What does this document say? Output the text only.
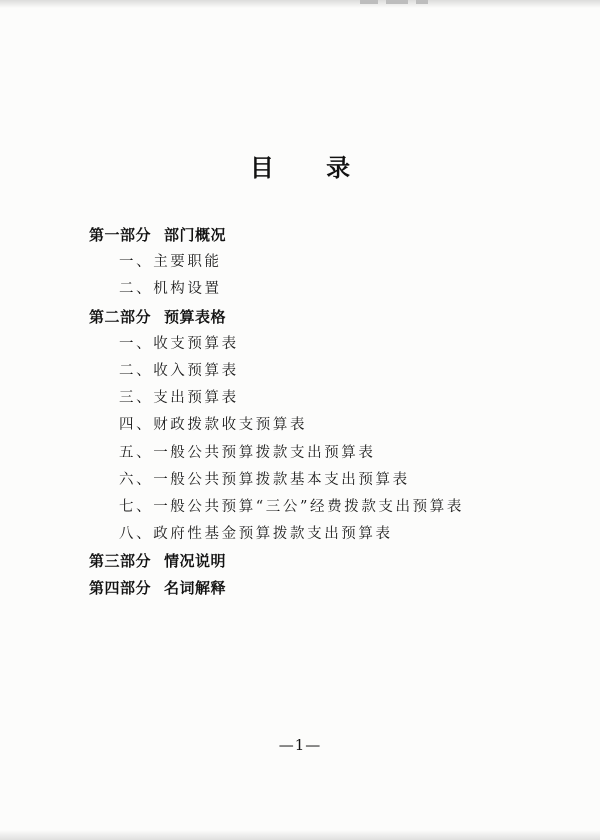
目 录
第一部分 部门概况
一、主要职能
二、机构设置
第二部分 预算表格
一、收支预算表
二、收入预算表
三、支出预算表
四、财政拨款收支预算表
五、一般公共预算拨款支出预算表
六、一般公共预算拨款基本支出预算表
七、一般公共预算“三公”经费拨款支出预算表
八、政府性基金预算拨款支出预算表
第三部分 情况说明
第四部分 名词解释
—1—
